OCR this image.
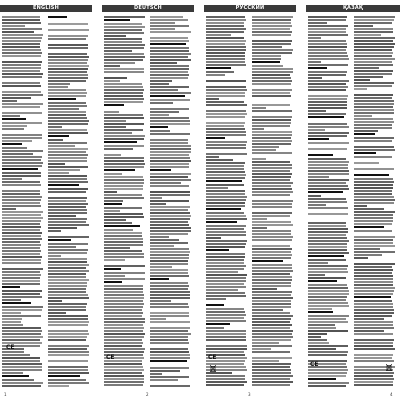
ENGLISH
CE
1
DEUTSCH
CE
2
РУССКИЙ
CE
3
ҚАЗАҚ
CE
4
